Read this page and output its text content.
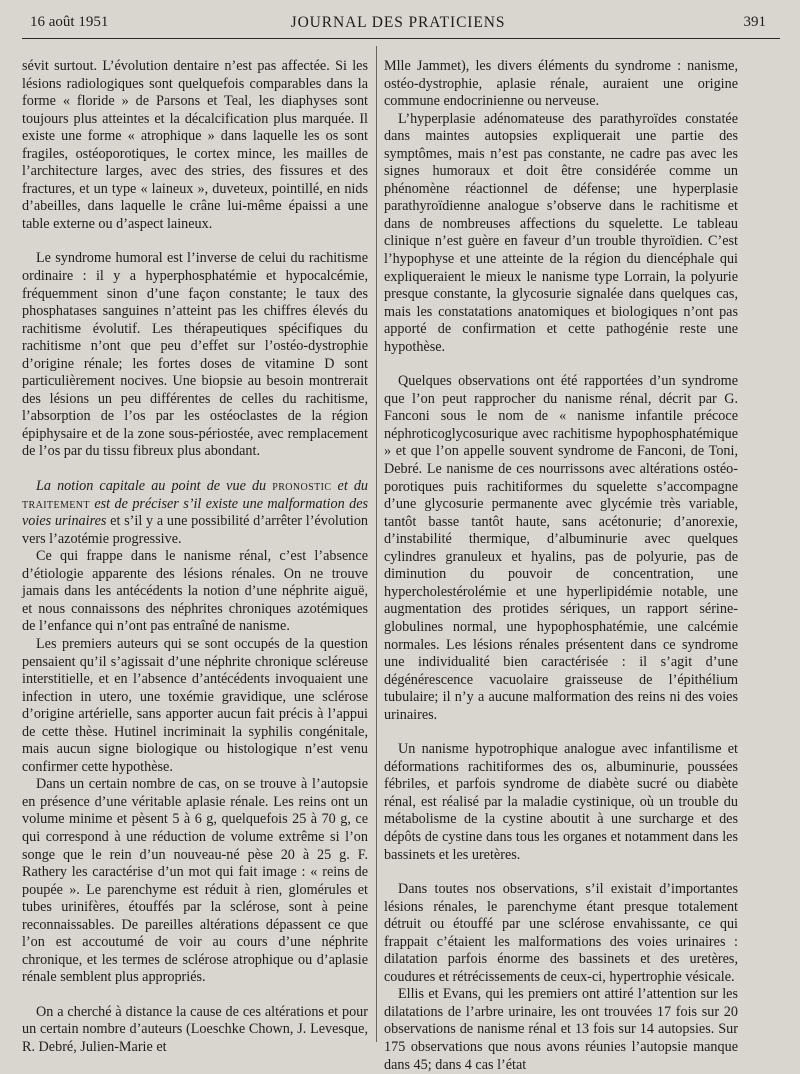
16 août 1951	JOURNAL DES PRATICIENS	391

sévit surtout. L’évolution dentaire n’est pas affectée. Si les lésions radiologiques sont quelquefois comparables dans la forme « floride » de Parsons et Teal, les diaphyses sont toujours plus atteintes et la décalcification plus marquée. Il existe une forme « atrophique » dans laquelle les os sont fragiles, ostéoporotiques, le cortex mince, les mailles de l’architecture larges, avec des stries, des fissures et des fractures, et un type « laineux », duveteux, pointillé, en nids d’abeilles, dans laquelle le crâne lui-même épaissi a une table externe ou d’aspect laineux.

Le syndrome humoral est l’inverse de celui du rachitisme ordinaire : il y a hyperphosphatémie et hypocalcémie, fréquemment sinon d’une façon constante; le taux des phosphatases sanguines n’atteint pas les chiffres élevés du rachitisme évolutif. Les thérapeutiques spécifiques du rachitisme n’ont que peu d’effet sur l’ostéo-dystrophie d’origine rénale; les fortes doses de vitamine D sont particulièrement nocives. Une biopsie au besoin montrerait des lésions un peu différentes de celles du rachitisme, l’absorption de l’os par les ostéoclastes de la région épiphysaire et de la zone sous-périostée, avec remplacement de l’os par du tissu fibreux plus abondant.

La notion capitale au point de vue du pronostic et du traitement est de préciser s’il existe une malformation des voies urinaires et s’il y a une possibilité d’arrêter l’évolution vers l’azotémie progressive.

Ce qui frappe dans le nanisme rénal, c’est l’absence d’étiologie apparente des lésions rénales. On ne trouve jamais dans les antécédents la notion d’une néphrite aiguë, et nous connaissons des néphrites chroniques azotémiques de l’enfance qui n’ont pas entraîné de nanisme.

Les premiers auteurs qui se sont occupés de la question pensaient qu’il s’agissait d’une néphrite chronique scléreuse interstitielle, et en l’absence d’antécédents invoquaient une infection in utero, une toxémie gravidique, une sclérose d’origine artérielle, sans apporter aucun fait précis à l’appui de cette thèse. Hutinel incriminait la syphilis congénitale, mais aucun signe biologique ou histologique n’est venu confirmer cette hypothèse.

Dans un certain nombre de cas, on se trouve à l’autopsie en présence d’une véritable aplasie rénale. Les reins ont un volume minime et pèsent 5 à 6 g, quelquefois 25 à 70 g, ce qui correspond à une réduction de volume extrême si l’on songe que le rein d’un nouveau-né pèse 20 à 25 g. F. Rathery les caractérise d’un mot qui fait image : « reins de poupée ». Le parenchyme est réduit à rien, glomérules et tubes urinifères, étouffés par la sclérose, sont à peine reconnaissables. De pareilles altérations dépassent ce que l’on est accoutumé de voir au cours d’une néphrite chronique, et les termes de sclérose atrophique ou d’aplasie rénale semblent plus appropriés.

On a cherché à distance la cause de ces altérations et pour un certain nombre d’auteurs (Loeschke Chown, J. Levesque, R. Debré, Julien-Marie et

Mlle Jammet), les divers éléments du syndrome : nanisme, ostéo-dystrophie, aplasie rénale, auraient une origine commune endocrinienne ou nerveuse.

L’hyperplasie adénomateuse des parathyroïdes constatée dans maintes autopsies expliquerait une partie des symptômes, mais n’est pas constante, ne cadre pas avec les signes humoraux et doit être considérée comme un phénomène réactionnel de défense; une hyperplasie parathyroïdienne analogue s’observe dans le rachitisme et dans de nombreuses affections du squelette. Le tableau clinique n’est guère en faveur d’un trouble thyroïdien. C’est l’hypophyse et une atteinte de la région du diencéphale qui expliqueraient le mieux le nanisme type Lorrain, la polyurie presque constante, la glycosurie signalée dans quelques cas, mais les constatations anatomiques et biologiques n’ont pas apporté de confirmation et cette pathogénie reste une hypothèse.

Quelques observations ont été rapportées d’un syndrome que l’on peut rapprocher du nanisme rénal, décrit par G. Fanconi sous le nom de « nanisme infantile précoce néphroticoglycosurique avec rachitisme hypophosphatémique » et que l’on appelle souvent syndrome de Fanconi, de Toni, Debré. Le nanisme de ces nourrissons avec altérations ostéo-porotiques puis rachitiformes du squelette s’accompagne d’une glycosurie permanente avec glycémie très variable, tantôt basse tantôt haute, sans acétonurie; d’anorexie, d’instabilité thermique, d’albuminurie avec quelques cylindres granuleux et hyalins, pas de polyurie, pas de diminution du pouvoir de concentration, une hypercholestérolémie et une hyperlipidémie notable, une augmentation des protides sériques, un rapport sérine-globulines normal, une hypophosphatémie, une calcémie normales. Les lésions rénales présentent dans ce syndrome une individualité bien caractérisée : il s’agit d’une dégénérescence vacuolaire graisseuse de l’épithélium tubulaire; il n’y a aucune malformation des reins ni des voies urinaires.

Un nanisme hypotrophique analogue avec infantilisme et déformations rachitiformes des os, albuminurie, poussées fébriles, et parfois syndrome de diabète sucré ou diabète rénal, est réalisé par la maladie cystinique, où un trouble du métabolisme de la cystine aboutit à une surcharge et des dépôts de cystine dans tous les organes et notamment dans les bassinets et les uretères.

Dans toutes nos observations, s’il existait d’importantes lésions rénales, le parenchyme étant presque totalement détruit ou étouffé par une sclérose envahissante, ce qui frappait c’étaient les malformations des voies urinaires : dilatation parfois énorme des bassinets et des uretères, coudures et rétrécissements de ceux-ci, hypertrophie vésicale.

Ellis et Evans, qui les premiers ont attiré l’attention sur les dilatations de l’arbre urinaire, les ont trouvées 17 fois sur 20 observations de nanisme rénal et 13 fois sur 14 autopsies. Sur 175 observations que nous avons réunies l’autopsie manque dans 45; dans 4 cas l’état
